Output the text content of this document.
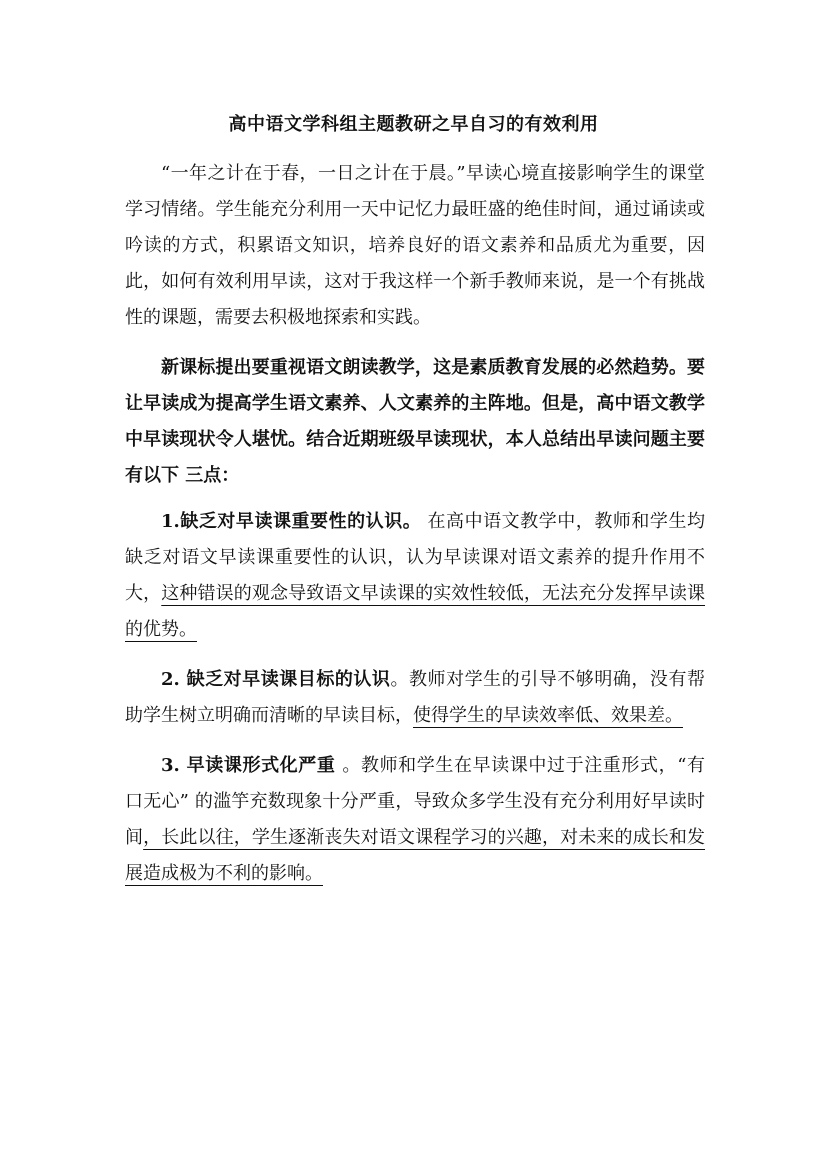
高中语文学科组主题教研之早自习的有效利用

“一年之计在于春，一日之计在于晨。”早读心境直接影响学生的课堂学习情绪。学生能充分利用一天中记忆力最旺盛的绝佳时间，通过诵读或吟读的方式，积累语文知识，培养良好的语文素养和品质尤为重要，因此，如何有效利用早读，这对于我这样一个新手教师来说，是一个有挑战性的课题，需要去积极地探索和实践。

新课标提出要重视语文朗读教学，这是素质教育发展的必然趋势。要让早读成为提高学生语文素养、人文素养的主阵地。但是，高中语文教学中早读现状令人堪忧。结合近期班级早读现状，本人总结出早读问题主要有以下 三点：

1.缺乏对早读课重要性的认识。 在高中语文教学中，教师和学生均缺乏对语文早读课重要性的认识，认为早读课对语文素养的提升作用不大，这种错误的观念导致语文早读课的实效性较低，无法充分发挥早读课的优势。

2. 缺乏对早读课目标的认识。教师对学生的引导不够明确，没有帮助学生树立明确而清晰的早读目标，使得学生的早读效率低、效果差。

3. 早读课形式化严重 。教师和学生在早读课中过于注重形式，“有口无心” 的滥竽充数现象十分严重，导致众多学生没有充分利用好早读时间，长此以往，学生逐渐丧失对语文课程学习的兴趣，对未来的成长和发展造成极为不利的影响。
